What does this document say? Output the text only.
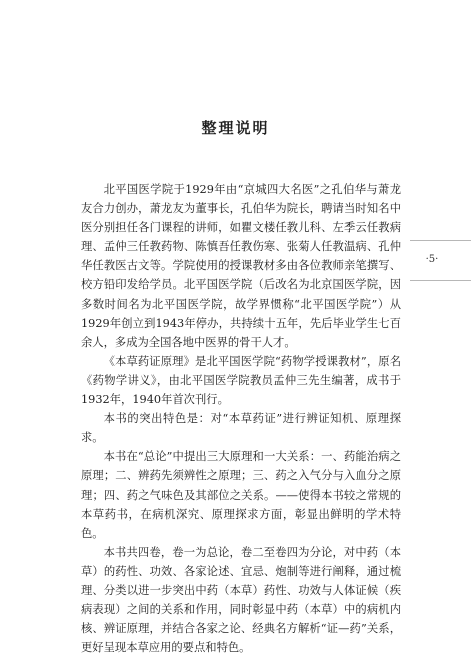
整理说明

北平国医学院于1929年由“京城四大名医”之孔伯华与萧龙友合力创办，萧龙友为董事长，孔伯华为院长，聘请当时知名中医分别担任各门课程的讲师，如瞿文楼任教儿科、左季云任教病理、孟仲三任教药物、陈慎吾任教伤寒、张菊人任教温病、孔仲华任教医古文等。学院使用的授课教材多由各位教师亲笔撰写、校方铅印发给学员。北平国医学院（后改名为北京国医学院，因多数时间名为北平国医学院，故学界惯称“北平国医学院”）从1929年创立到1943年停办，共持续十五年，先后毕业学生七百余人，多成为全国各地中医界的骨干人才。

《本草药证原理》是北平国医学院“药物学授课教材”，原名《药物学讲义》，由北平国医学院教员孟仲三先生编著，成书于1932年，1940年首次刊行。

本书的突出特色是：对“本草药证”进行辨证知机、原理探求。

本书在“总论”中提出三大原理和一大关系：一、药能治病之原理；二、辨药先须辨性之原理；三、药之入气分与入血分之原理；四、药之气味色及其部位之关系。——使得本书较之常规的本草药书，在病机深究、原理探求方面，彰显出鲜明的学术特色。

本书共四卷，卷一为总论，卷二至卷四为分论，对中药（本草）的药性、功效、各家论述、宜忌、炮制等进行阐释，通过梳理、分类以进一步突出中药（本草）药性、功效与人体证候（疾病表现）之间的关系和作用，同时彰显中药（本草）中的病机内核、辨证原理，并结合各家之论、经典名方解析“证—药”关系，更好呈现本草应用的要点和特色。

·5·
